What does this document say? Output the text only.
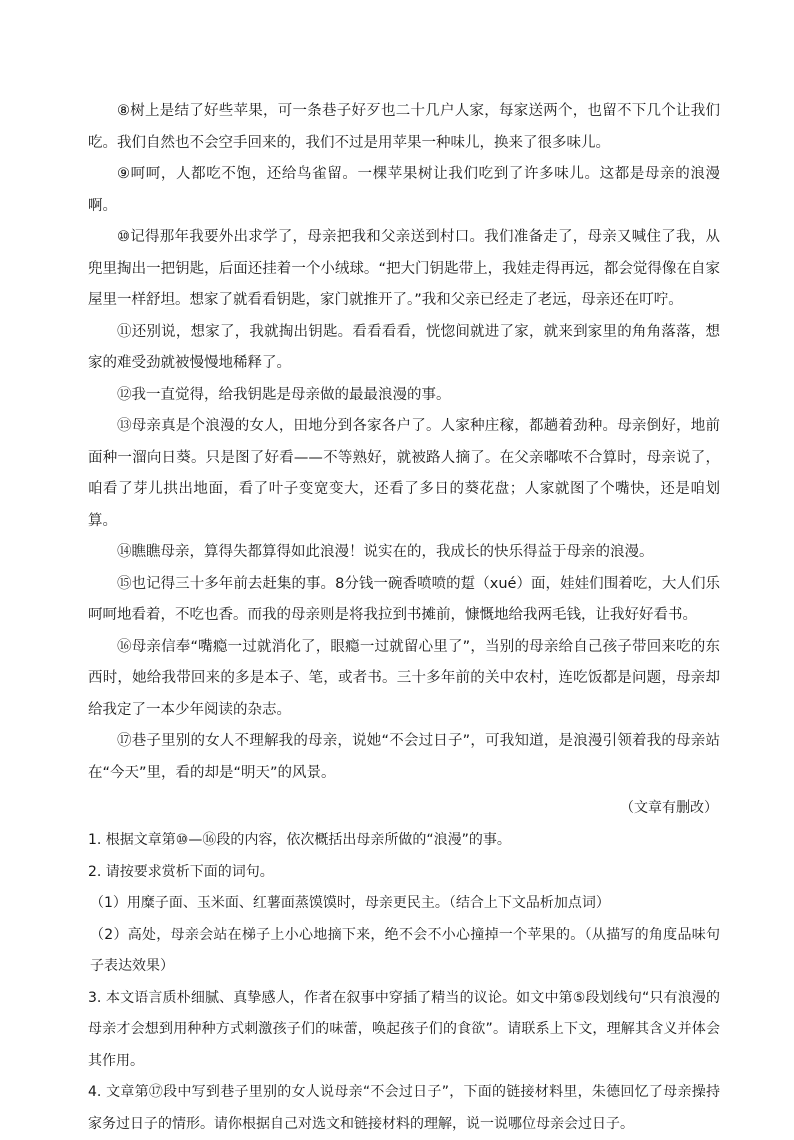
⑧树上是结了好些苹果，可一条巷子好歹也二十几户人家，每家送两个，也留不下几个让我们吃。我们自然也不会空手回来的，我们不过是用苹果一种味儿，换来了很多味儿。

⑨呵呵，人都吃不饱，还给鸟雀留。一棵苹果树让我们吃到了许多味儿。这都是母亲的浪漫啊。

⑩记得那年我要外出求学了，母亲把我和父亲送到村口。我们准备走了，母亲又喊住了我，从兜里掏出一把钥匙，后面还挂着一个小绒球。“把大门钥匙带上，我娃走得再远，都会觉得像在自家屋里一样舒坦。想家了就看看钥匙，家门就推开了。”我和父亲已经走了老远，母亲还在叮咛。

⑪还别说，想家了，我就掏出钥匙。看看看看，恍惚间就进了家，就来到家里的角角落落，想家的难受劲就被慢慢地稀释了。

⑫我一直觉得，给我钥匙是母亲做的最最浪漫的事。

⑬母亲真是个浪漫的女人，田地分到各家各户了。人家种庄稼，都趟着劲种。母亲倒好，地前面种一溜向日葵。只是图了好看——不等熟好，就被路人摘了。在父亲嘟哝不合算时，母亲说了，咱看了芽儿拱出地面，看了叶子变宽变大，还看了多日的葵花盘；人家就图了个嘴快，还是咱划算。

⑭瞧瞧母亲，算得失都算得如此浪漫！说实在的，我成长的快乐得益于母亲的浪漫。

⑮也记得三十多年前去赶集的事。8分钱一碗香喷喷的踅（xué）面，娃娃们围着吃，大人们乐呵呵地看着，不吃也香。而我的母亲则是将我拉到书摊前，慷慨地给我两毛钱，让我好好看书。

⑯母亲信奉“嘴瘾一过就消化了，眼瘾一过就留心里了”，当别的母亲给自己孩子带回来吃的东西时，她给我带回来的多是本子、笔，或者书。三十多年前的关中农村，连吃饭都是问题，母亲却给我定了一本少年阅读的杂志。

⑰巷子里别的女人不理解我的母亲，说她“不会过日子”，可我知道，是浪漫引领着我的母亲站在“今天”里，看的却是“明天”的风景。

（文章有删改）

1. 根据文章第⑩—⑯段的内容，依次概括出母亲所做的“浪漫”的事。

2. 请按要求赏析下面的词句。

（1）用糜子面、玉米面、红薯面蒸馍馍时，母亲更民主。（结合上下文品析加点词）

（2）高处，母亲会站在梯子上小心地摘下来，绝不会不小心撞掉一个苹果的。（从描写的角度品味句子表达效果）

3. 本文语言质朴细腻、真挚感人，作者在叙事中穿插了精当的议论。如文中第⑤段划线句“只有浪漫的母亲才会想到用种种方式刺激孩子们的味蕾，唤起孩子们的食欲”。请联系上下文，理解其含义并体会其作用。

4. 文章第⑰段中写到巷子里别的女人说母亲“不会过日子”，下面的链接材料里，朱德回忆了母亲操持家务过日子的情形。请你根据自己对选文和链接材料的理解，说一说哪位母亲会过日子。
